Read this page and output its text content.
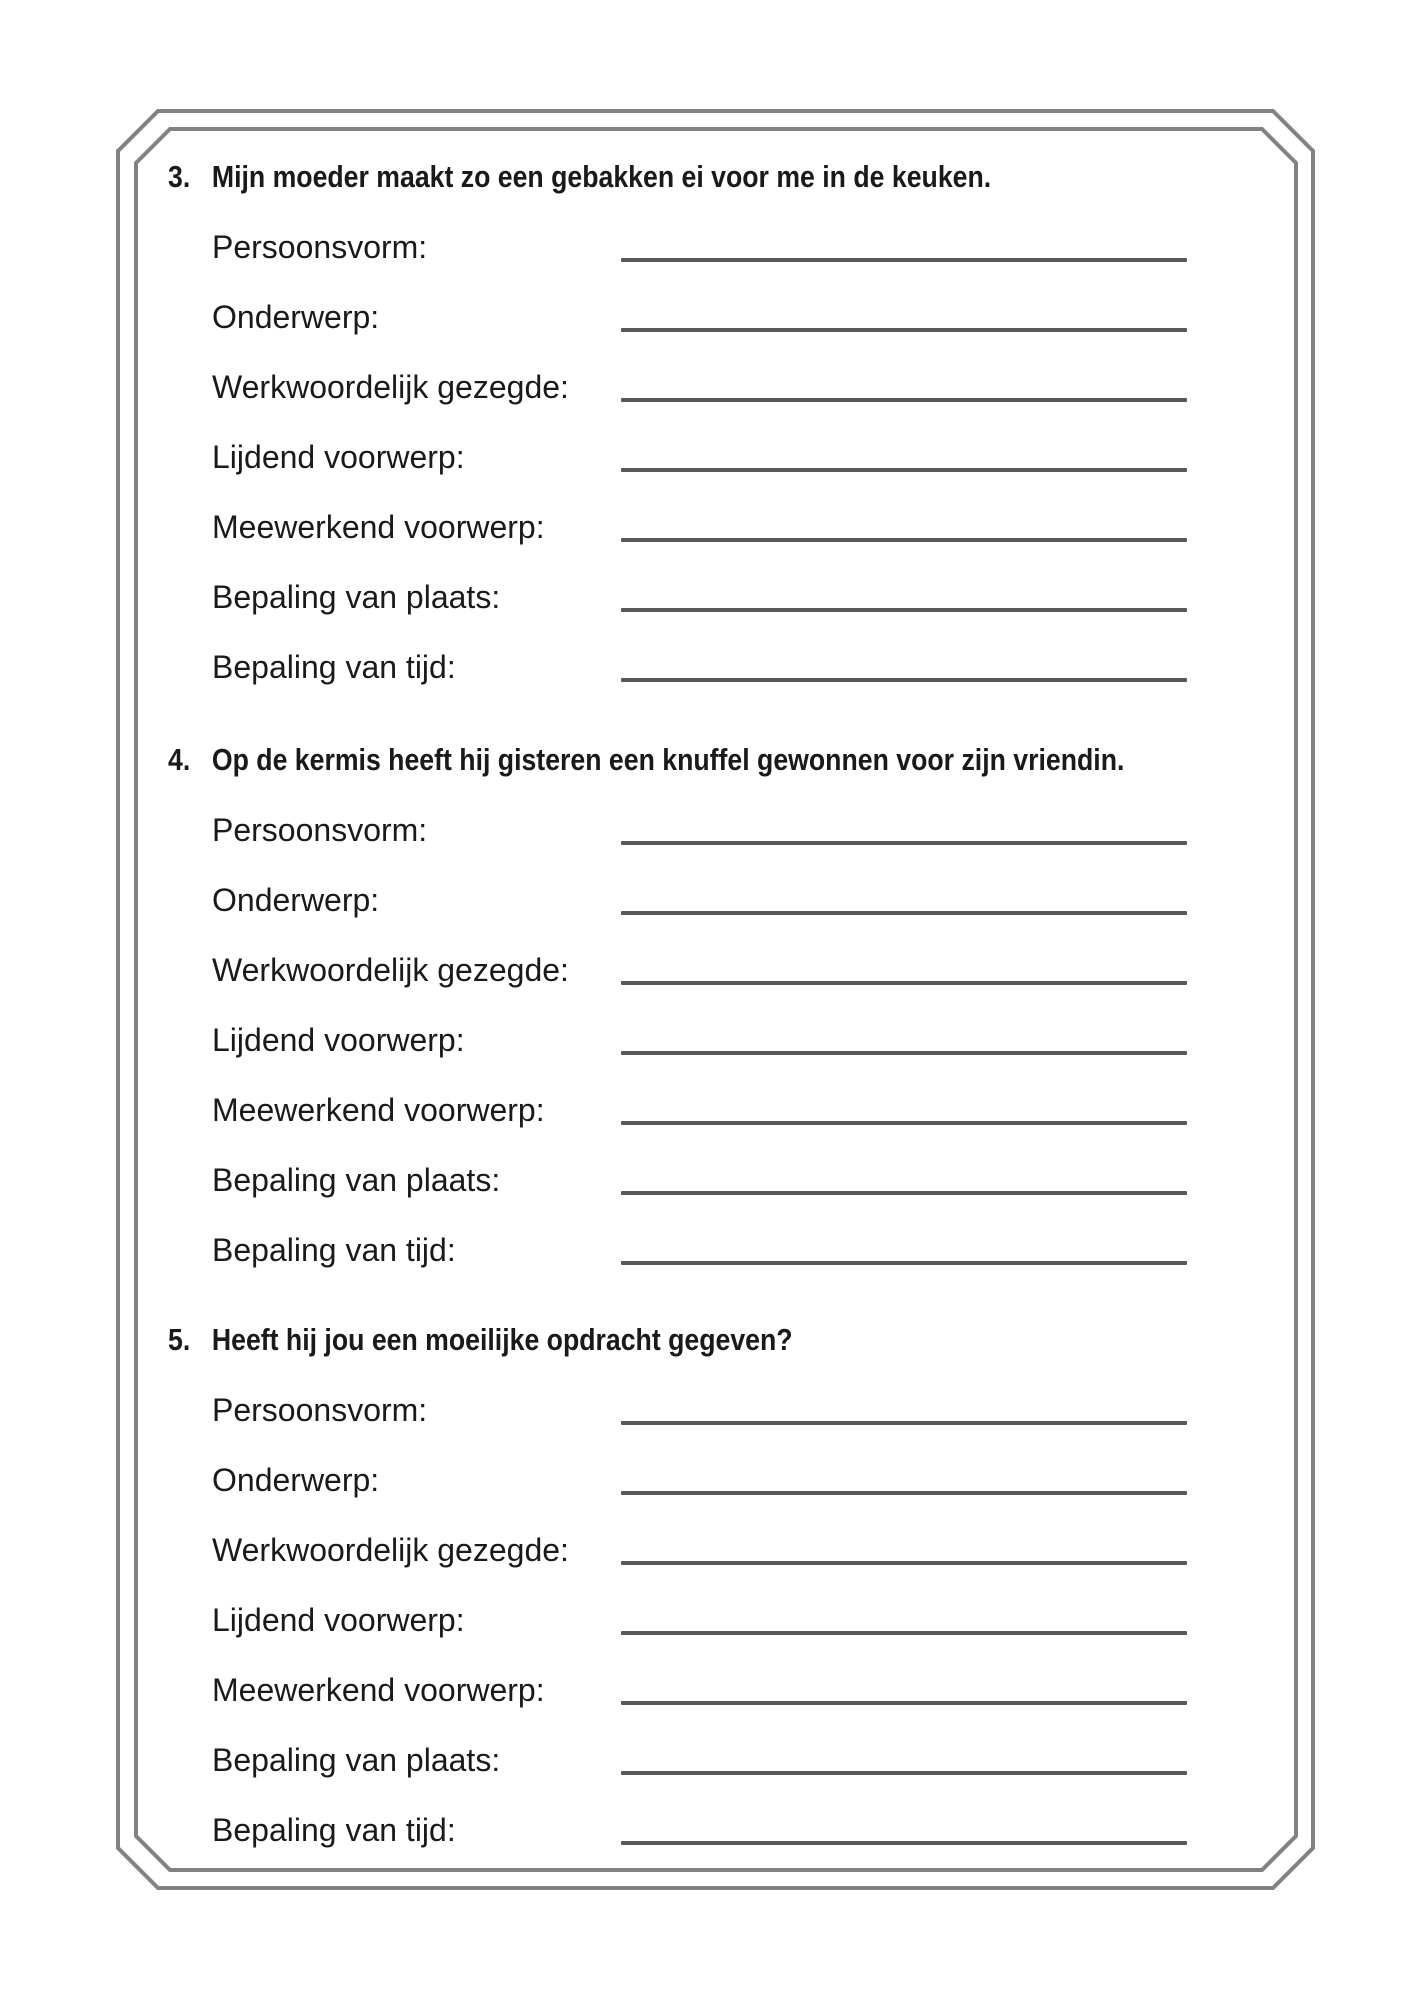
3. Mijn moeder maakt zo een gebakken ei voor me in de keuken.
Persoonsvorm:
Onderwerp:
Werkwoordelijk gezegde:
Lijdend voorwerp:
Meewerkend voorwerp:
Bepaling van plaats:
Bepaling van tijd:
4. Op de kermis heeft hij gisteren een knuffel gewonnen voor zijn vriendin.
Persoonsvorm:
Onderwerp:
Werkwoordelijk gezegde:
Lijdend voorwerp:
Meewerkend voorwerp:
Bepaling van plaats:
Bepaling van tijd:
5. Heeft hij jou een moeilijke opdracht gegeven?
Persoonsvorm:
Onderwerp:
Werkwoordelijk gezegde:
Lijdend voorwerp:
Meewerkend voorwerp:
Bepaling van plaats:
Bepaling van tijd:
